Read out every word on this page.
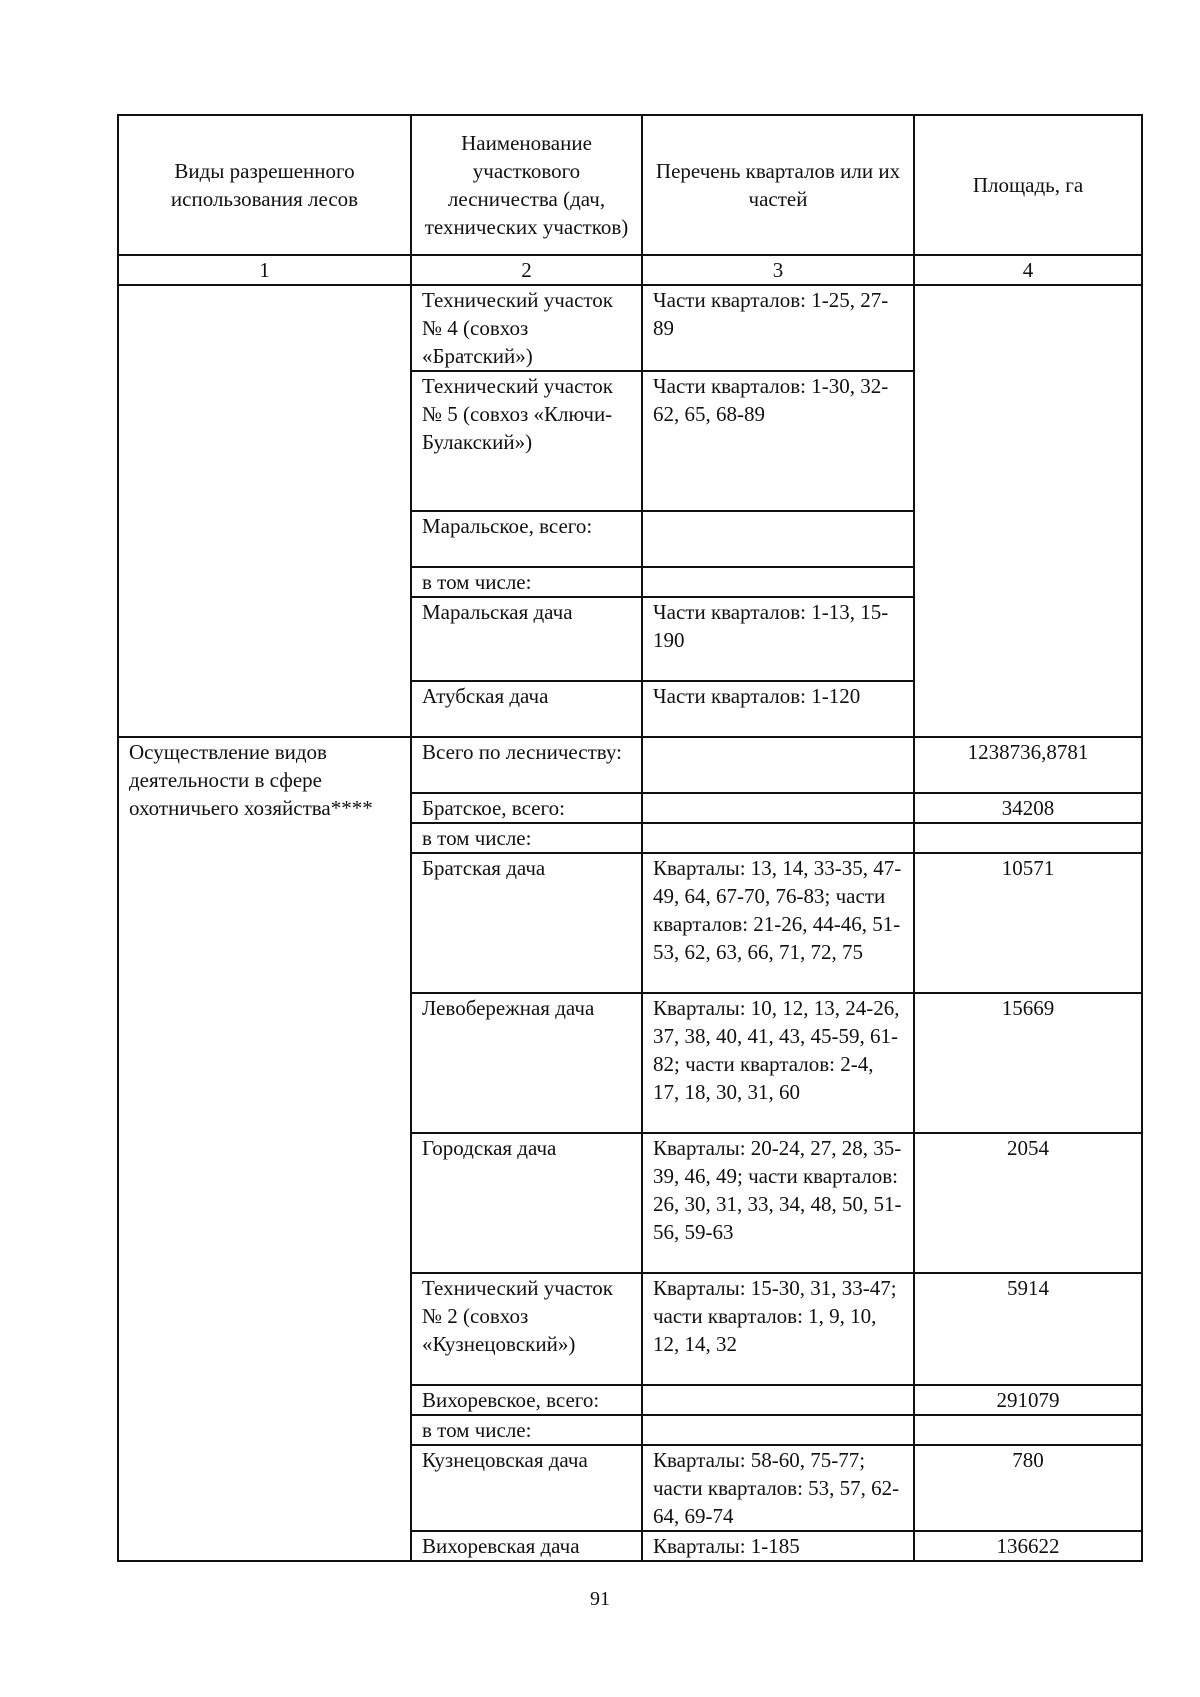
Виды разрешенного использования лесов	Наименование участкового лесничества (дач, технических участков)	Перечень кварталов или их частей	Площадь, га
1	2	3	4
	Технический участок № 4 (совхоз «Братский»)	Части кварталов: 1-25, 27-89	
	Технический участок № 5 (совхоз «Ключи-Булакский»)	Части кварталов: 1-30, 32-62, 65, 68-89	
	Маральское, всего:		
	в том числе:		
	Маральская дача	Части кварталов: 1-13, 15-190	
	Атубская дача	Части кварталов: 1-120	
Осуществление видов деятельности в сфере охотничьего хозяйства****	Всего по лесничеству:		1238736,8781
	Братское, всего:		34208
	в том числе:		
	Братская дача	Кварталы: 13, 14, 33-35, 47-49, 64, 67-70, 76-83; части кварталов: 21-26, 44-46, 51-53, 62, 63, 66, 71, 72, 75	10571
	Левобережная дача	Кварталы: 10, 12, 13, 24-26, 37, 38, 40, 41, 43, 45-59, 61-82; части кварталов: 2-4, 17, 18, 30, 31, 60	15669
	Городская дача	Кварталы: 20-24, 27, 28, 35-39, 46, 49; части кварталов: 26, 30, 31, 33, 34, 48, 50, 51-56, 59-63	2054
	Технический участок № 2 (совхоз «Кузнецовский»)	Кварталы: 15-30, 31, 33-47; части кварталов: 1, 9, 10, 12, 14, 32	5914
	Вихоревское, всего:		291079
	в том числе:		
	Кузнецовская дача	Кварталы: 58-60, 75-77; части кварталов: 53, 57, 62-64, 69-74	780
	Вихоревская дача	Кварталы: 1-185	136622
91
